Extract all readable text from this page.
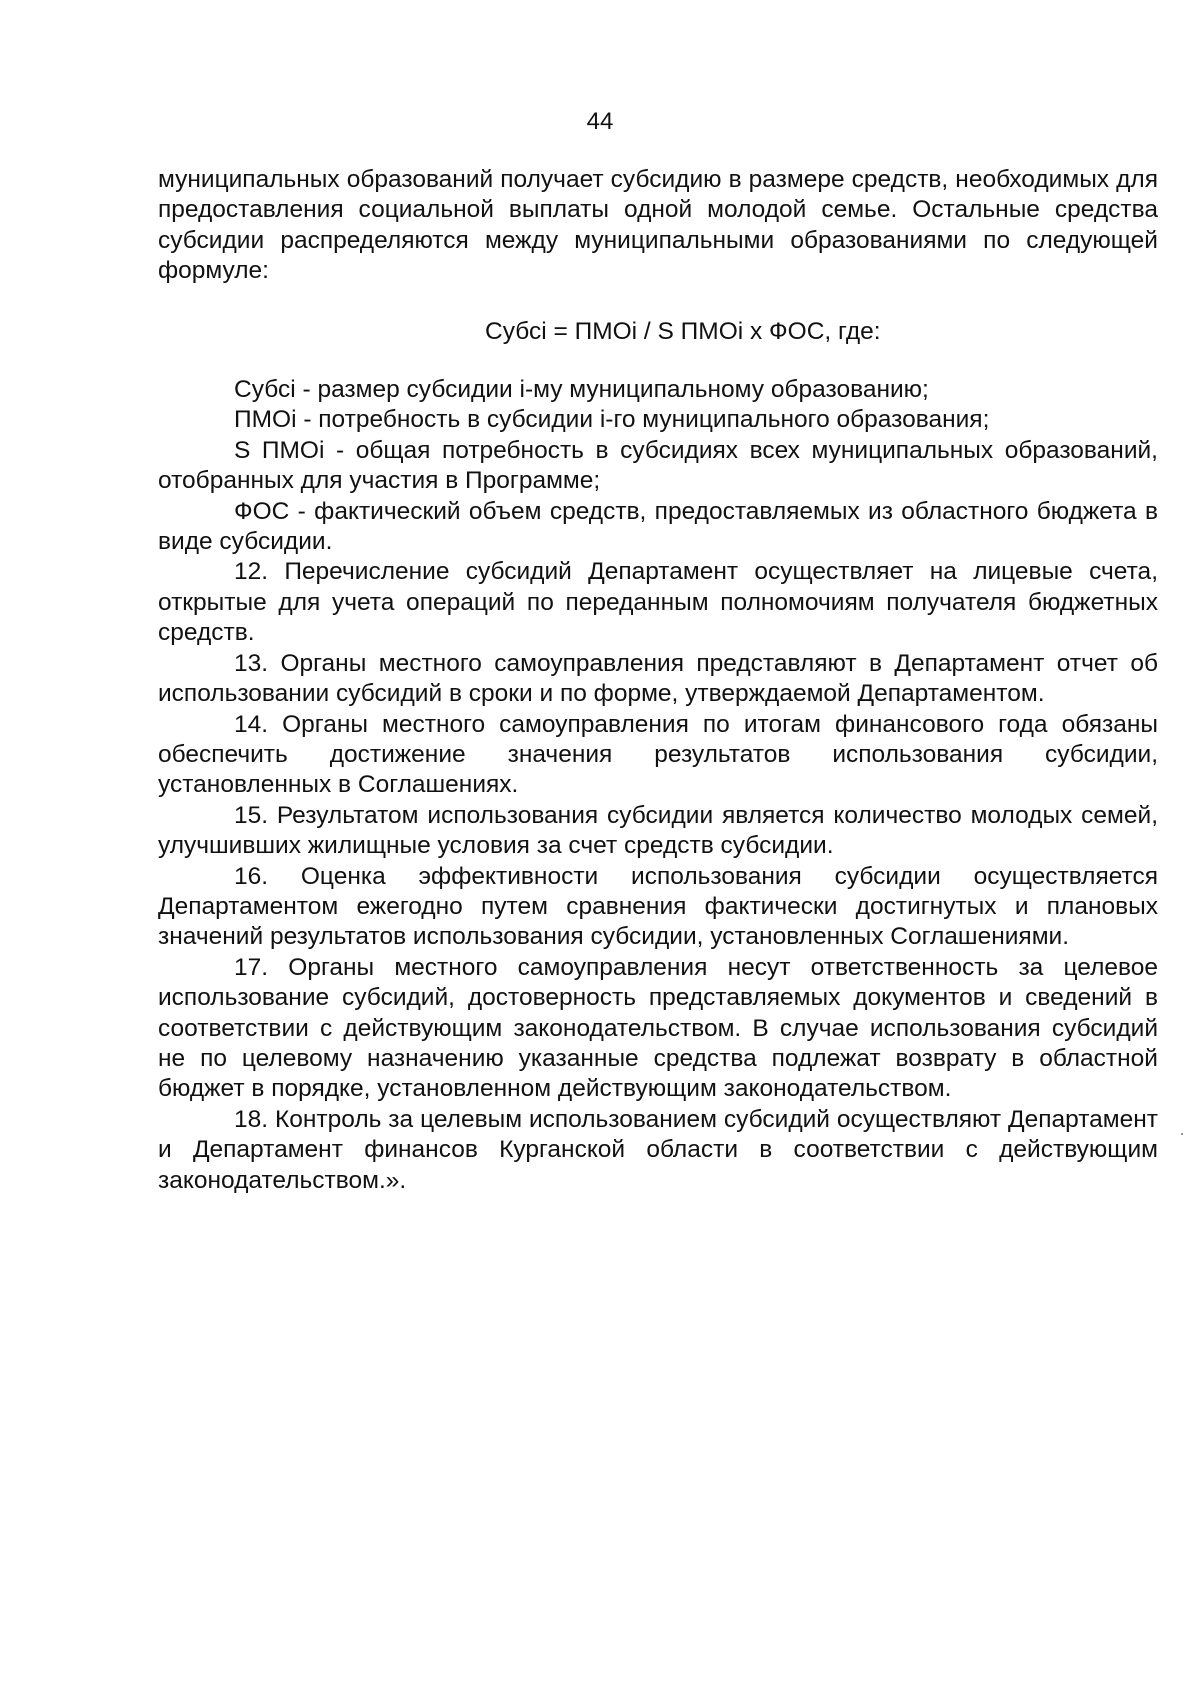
44

муниципальных образований получает субсидию в размере средств, необходимых для предоставления социальной выплаты одной молодой семье. Остальные средства субсидии распределяются между муниципальными образованиями по следующей формуле:

Субсi = ПМОi / S ПМОi x ФОС, где:

Субсi - размер субсидии i-му муниципальному образованию;

ПМОi - потребность в субсидии i-го муниципального образования;

S ПМОi - общая потребность в субсидиях всех муниципальных образований, отобранных для участия в Программе;

ФОС - фактический объем средств, предоставляемых из областного бюджета в виде субсидии.

12. Перечисление субсидий Департамент осуществляет на лицевые счета, открытые для учета операций по переданным полномочиям получателя бюджетных средств.

13. Органы местного самоуправления представляют в Департамент отчет об использовании субсидий в сроки и по форме, утверждаемой Департаментом.

14. Органы местного самоуправления по итогам финансового года обязаны обеспечить достижение значения результатов использования субсидии, установленных в Соглашениях.

15. Результатом использования субсидии является количество молодых семей, улучшивших жилищные условия за счет средств субсидии.

16. Оценка эффективности использования субсидии осуществляется Департаментом ежегодно путем сравнения фактически достигнутых и плановых значений результатов использования субсидии, установленных Соглашениями.

17. Органы местного самоуправления несут ответственность за целевое использование субсидий, достоверность представляемых документов и сведений в соответствии с действующим законодательством. В случае использования субсидий не по целевому назначению указанные средства подлежат возврату в областной бюджет в порядке, установленном действующим законодательством.

18. Контроль за целевым использованием субсидий осуществляют Департамент и Департамент финансов Курганской области в соответствии с действующим законодательством.».
